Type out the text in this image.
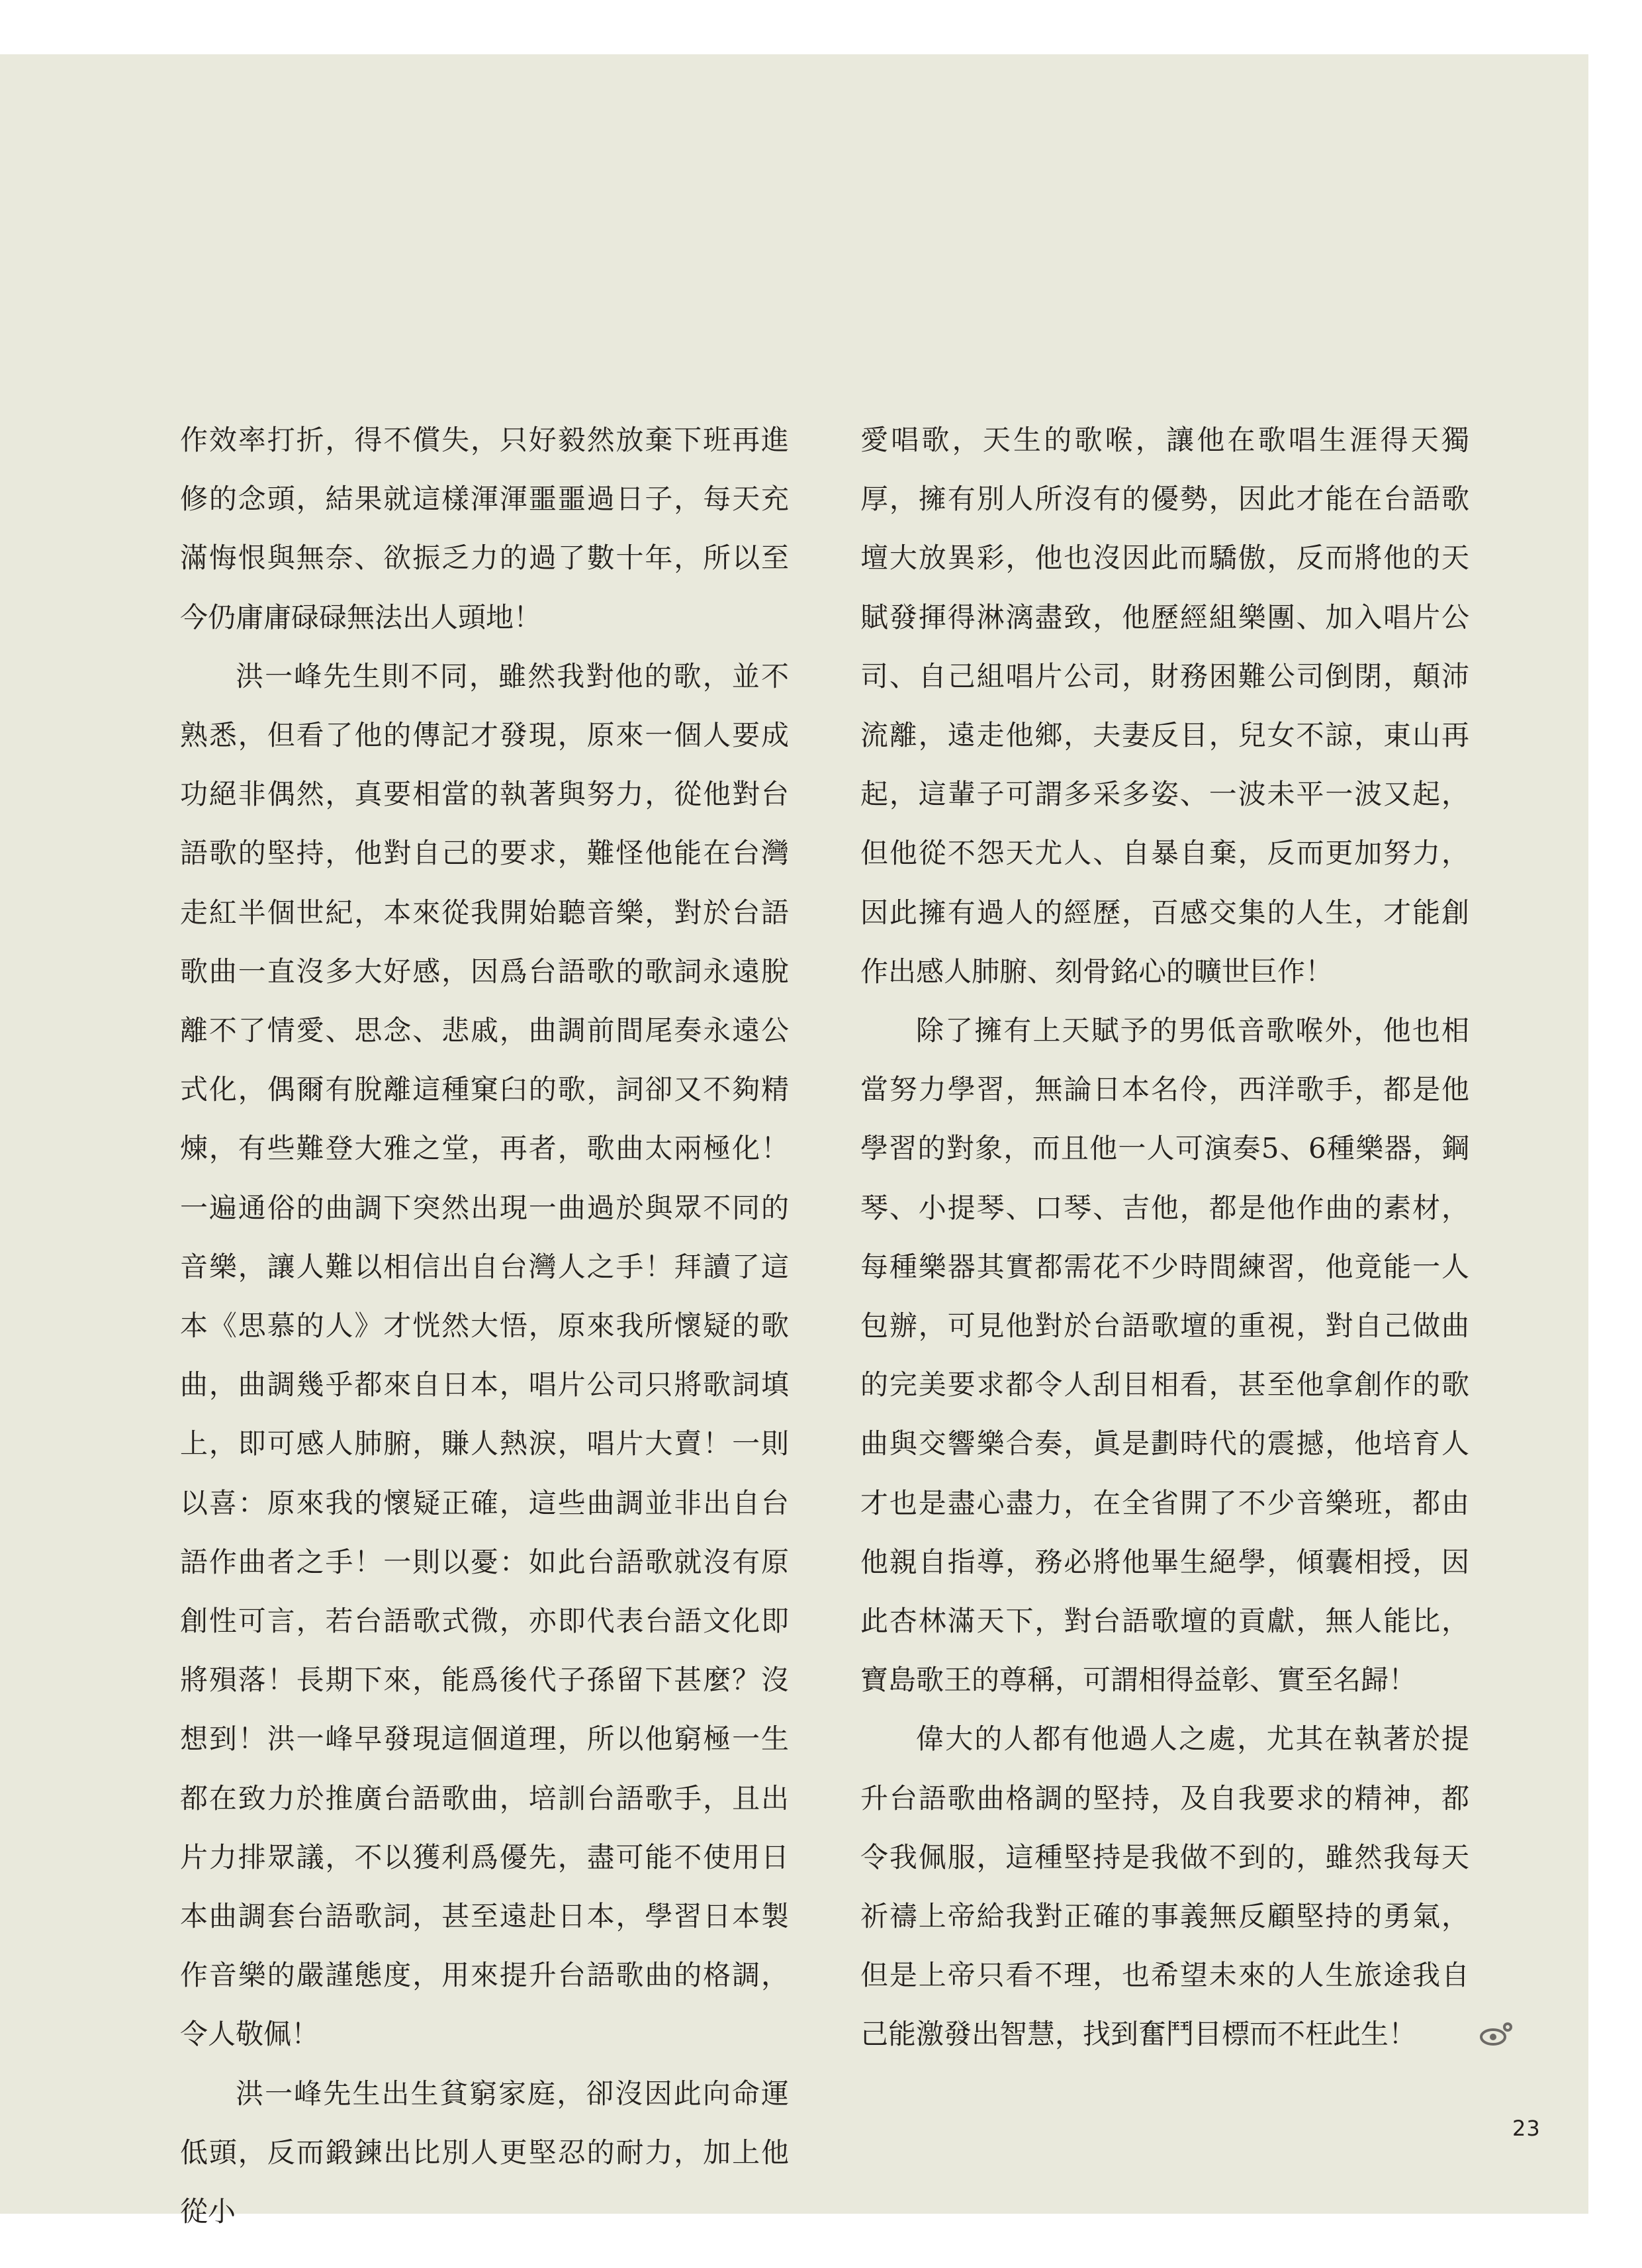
作效率打折，得不償失，只好毅然放棄下班再進修的念頭，結果就這樣渾渾噩噩過日子，每天充滿悔恨與無奈、欲振乏力的過了數十年，所以至今仍庸庸碌碌無法出人頭地！

洪一峰先生則不同，雖然我對他的歌，並不熟悉，但看了他的傳記才發現，原來一個人要成功絕非偶然，真要相當的執著與努力，從他對台語歌的堅持，他對自己的要求，難怪他能在台灣走紅半個世紀，本來從我開始聽音樂，對於台語歌曲一直沒多大好感，因爲台語歌的歌詞永遠脫離不了情愛、思念、悲戚，曲調前間尾奏永遠公式化，偶爾有脫離這種窠臼的歌，詞卻又不夠精煉，有些難登大雅之堂，再者，歌曲太兩極化！一遍通俗的曲調下突然出現一曲過於與眾不同的音樂，讓人難以相信出自台灣人之手！拜讀了這本《思慕的人》才恍然大悟，原來我所懷疑的歌曲，曲調幾乎都來自日本，唱片公司只將歌詞填上，即可感人肺腑，賺人熱淚，唱片大賣！一則以喜：原來我的懷疑正確，這些曲調並非出自台語作曲者之手！一則以憂：如此台語歌就沒有原創性可言，若台語歌式微，亦即代表台語文化即將殞落！長期下來，能爲後代子孫留下甚麼？沒想到！洪一峰早發現這個道理，所以他窮極一生都在致力於推廣台語歌曲，培訓台語歌手，且出片力排眾議，不以獲利爲優先，盡可能不使用日本曲調套台語歌詞，甚至遠赴日本，學習日本製作音樂的嚴謹態度，用來提升台語歌曲的格調，令人敬佩！

洪一峰先生出生貧窮家庭，卻沒因此向命運低頭，反而鍛鍊出比別人更堅忍的耐力，加上他從小

愛唱歌，天生的歌喉，讓他在歌唱生涯得天獨厚，擁有別人所沒有的優勢，因此才能在台語歌壇大放異彩，他也沒因此而驕傲，反而將他的天賦發揮得淋漓盡致，他歷經組樂團、加入唱片公司、自己組唱片公司，財務困難公司倒閉，顛沛流離，遠走他鄉，夫妻反目，兒女不諒，東山再起，這輩子可謂多采多姿、一波未平一波又起，但他從不怨天尤人、自暴自棄，反而更加努力，因此擁有過人的經歷，百感交集的人生，才能創作出感人肺腑、刻骨銘心的曠世巨作！

除了擁有上天賦予的男低音歌喉外，他也相當努力學習，無論日本名伶，西洋歌手，都是他學習的對象，而且他一人可演奏5、6種樂器，鋼琴、小提琴、口琴、吉他，都是他作曲的素材，每種樂器其實都需花不少時間練習，他竟能一人包辦，可見他對於台語歌壇的重視，對自己做曲的完美要求都令人刮目相看，甚至他拿創作的歌曲與交響樂合奏，眞是劃時代的震撼，他培育人才也是盡心盡力，在全省開了不少音樂班，都由他親自指導，務必將他畢生絕學，傾囊相授，因此杏林滿天下，對台語歌壇的貢獻，無人能比，寶島歌王的尊稱，可謂相得益彰、實至名歸！

偉大的人都有他過人之處，尤其在執著於提升台語歌曲格調的堅持，及自我要求的精神，都令我佩服，這種堅持是我做不到的，雖然我每天祈禱上帝給我對正確的事義無反顧堅持的勇氣，但是上帝只看不理，也希望未來的人生旅途我自己能激發出智慧，找到奮鬥目標而不枉此生！

23
